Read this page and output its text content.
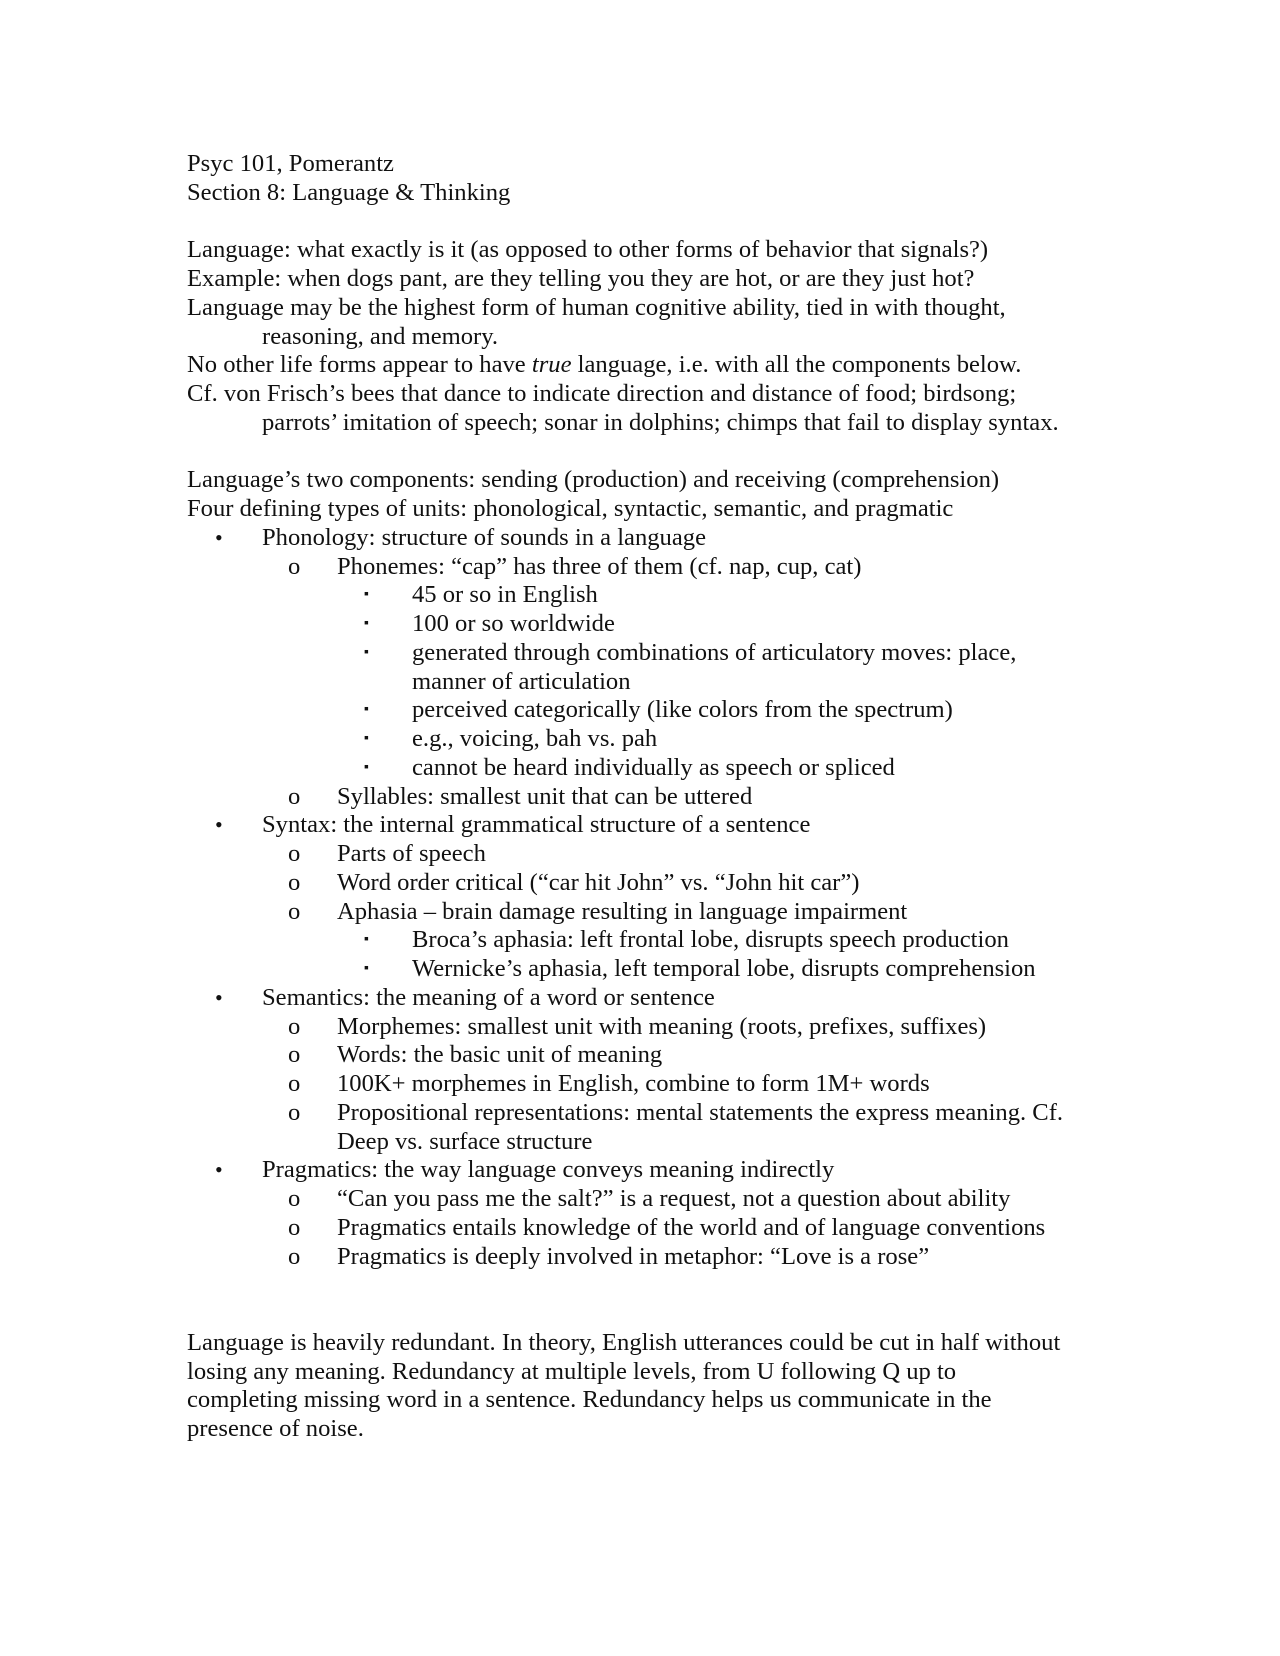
Psyc 101, Pomerantz
Section 8: Language & Thinking
Language: what exactly is it (as opposed to other forms of behavior that signals?)
Example: when dogs pant, are they telling you they are hot, or are they just hot?
Language may be the highest form of human cognitive ability, tied in with thought,
reasoning, and memory.
No other life forms appear to have true language, i.e. with all the components below.
Cf. von Frisch’s bees that dance to indicate direction and distance of food; birdsong;
parrots’ imitation of speech; sonar in dolphins; chimps that fail to display syntax.
Language’s two components: sending (production) and receiving (comprehension)
Four defining types of units: phonological, syntactic, semantic, and pragmatic
• Phonology: structure of sounds in a language
o Phonemes: “cap” has three of them (cf. nap, cup, cat)
▪ 45 or so in English
▪ 100 or so worldwide
▪ generated through combinations of articulatory moves: place,
manner of articulation
▪ perceived categorically (like colors from the spectrum)
▪ e.g., voicing, bah vs. pah
▪ cannot be heard individually as speech or spliced
o Syllables: smallest unit that can be uttered
• Syntax: the internal grammatical structure of a sentence
o Parts of speech
o Word order critical (“car hit John” vs. “John hit car”)
o Aphasia – brain damage resulting in language impairment
▪ Broca’s aphasia: left frontal lobe, disrupts speech production
▪ Wernicke’s aphasia, left temporal lobe, disrupts comprehension
• Semantics: the meaning of a word or sentence
o Morphemes: smallest unit with meaning (roots, prefixes, suffixes)
o Words: the basic unit of meaning
o 100K+ morphemes in English, combine to form 1M+ words
o Propositional representations: mental statements the express meaning. Cf.
Deep vs. surface structure
• Pragmatics: the way language conveys meaning indirectly
o “Can you pass me the salt?” is a request, not a question about ability
o Pragmatics entails knowledge of the world and of language conventions
o Pragmatics is deeply involved in metaphor: “Love is a rose”
Language is heavily redundant. In theory, English utterances could be cut in half without
losing any meaning. Redundancy at multiple levels, from U following Q up to
completing missing word in a sentence. Redundancy helps us communicate in the
presence of noise.
